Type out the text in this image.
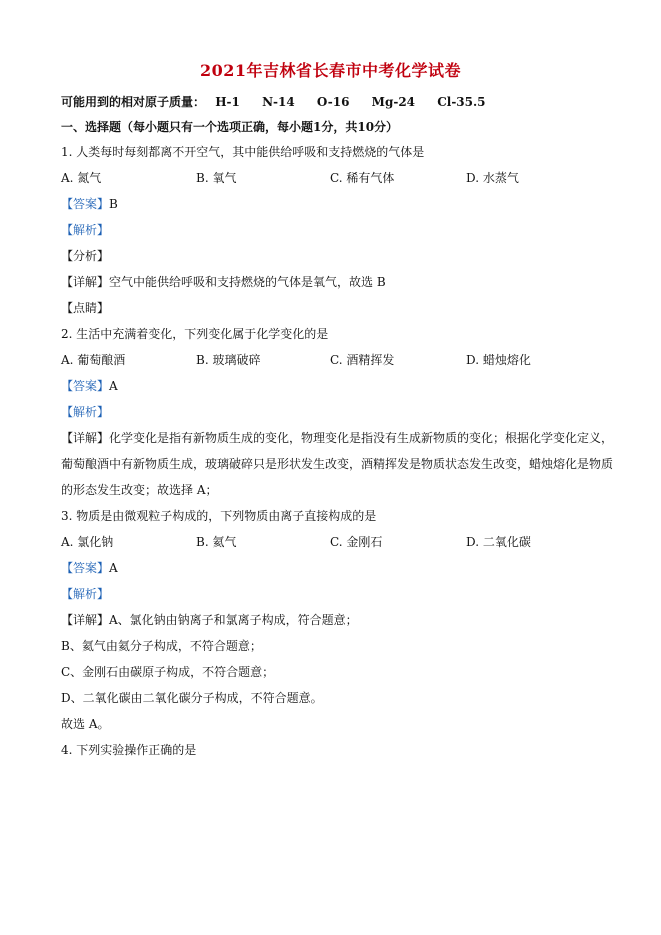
2021年吉林省长春市中考化学试卷
可能用到的相对原子质量： H-1 N-14 O-16 Mg-24 Cl-35.5
一、选择题（每小题只有一个选项正确，每小题1分，共10分）
1. 人类每时每刻都离不开空气，其中能供给呼吸和支持燃烧的气体是
A. 氮气	B. 氧气	C. 稀有气体	D. 水蒸气
【答案】B
【解析】
【分析】
【详解】空气中能供给呼吸和支持燃烧的气体是氧气，故选 B
【点睛】
2. 生活中充满着变化，下列变化属于化学变化的是
A. 葡萄酿酒	B. 玻璃破碎	C. 酒精挥发	D. 蜡烛熔化
【答案】A
【解析】
【详解】化学变化是指有新物质生成的变化，物理变化是指没有生成新物质的变化；根据化学变化定义，
葡萄酿酒中有新物质生成，玻璃破碎只是形状发生改变，酒精挥发是物质状态发生改变，蜡烛熔化是物质
的形态发生改变；故选择 A；
3. 物质是由微观粒子构成的，下列物质由离子直接构成的是
A. 氯化钠	B. 氦气	C. 金刚石	D. 二氧化碳
【答案】A
【解析】
【详解】A、氯化钠由钠离子和氯离子构成，符合题意；
B、氦气由氦分子构成，不符合题意；
C、金刚石由碳原子构成，不符合题意；
D、二氧化碳由二氧化碳分子构成，不符合题意。
故选 A。
4. 下列实验操作正确的是
